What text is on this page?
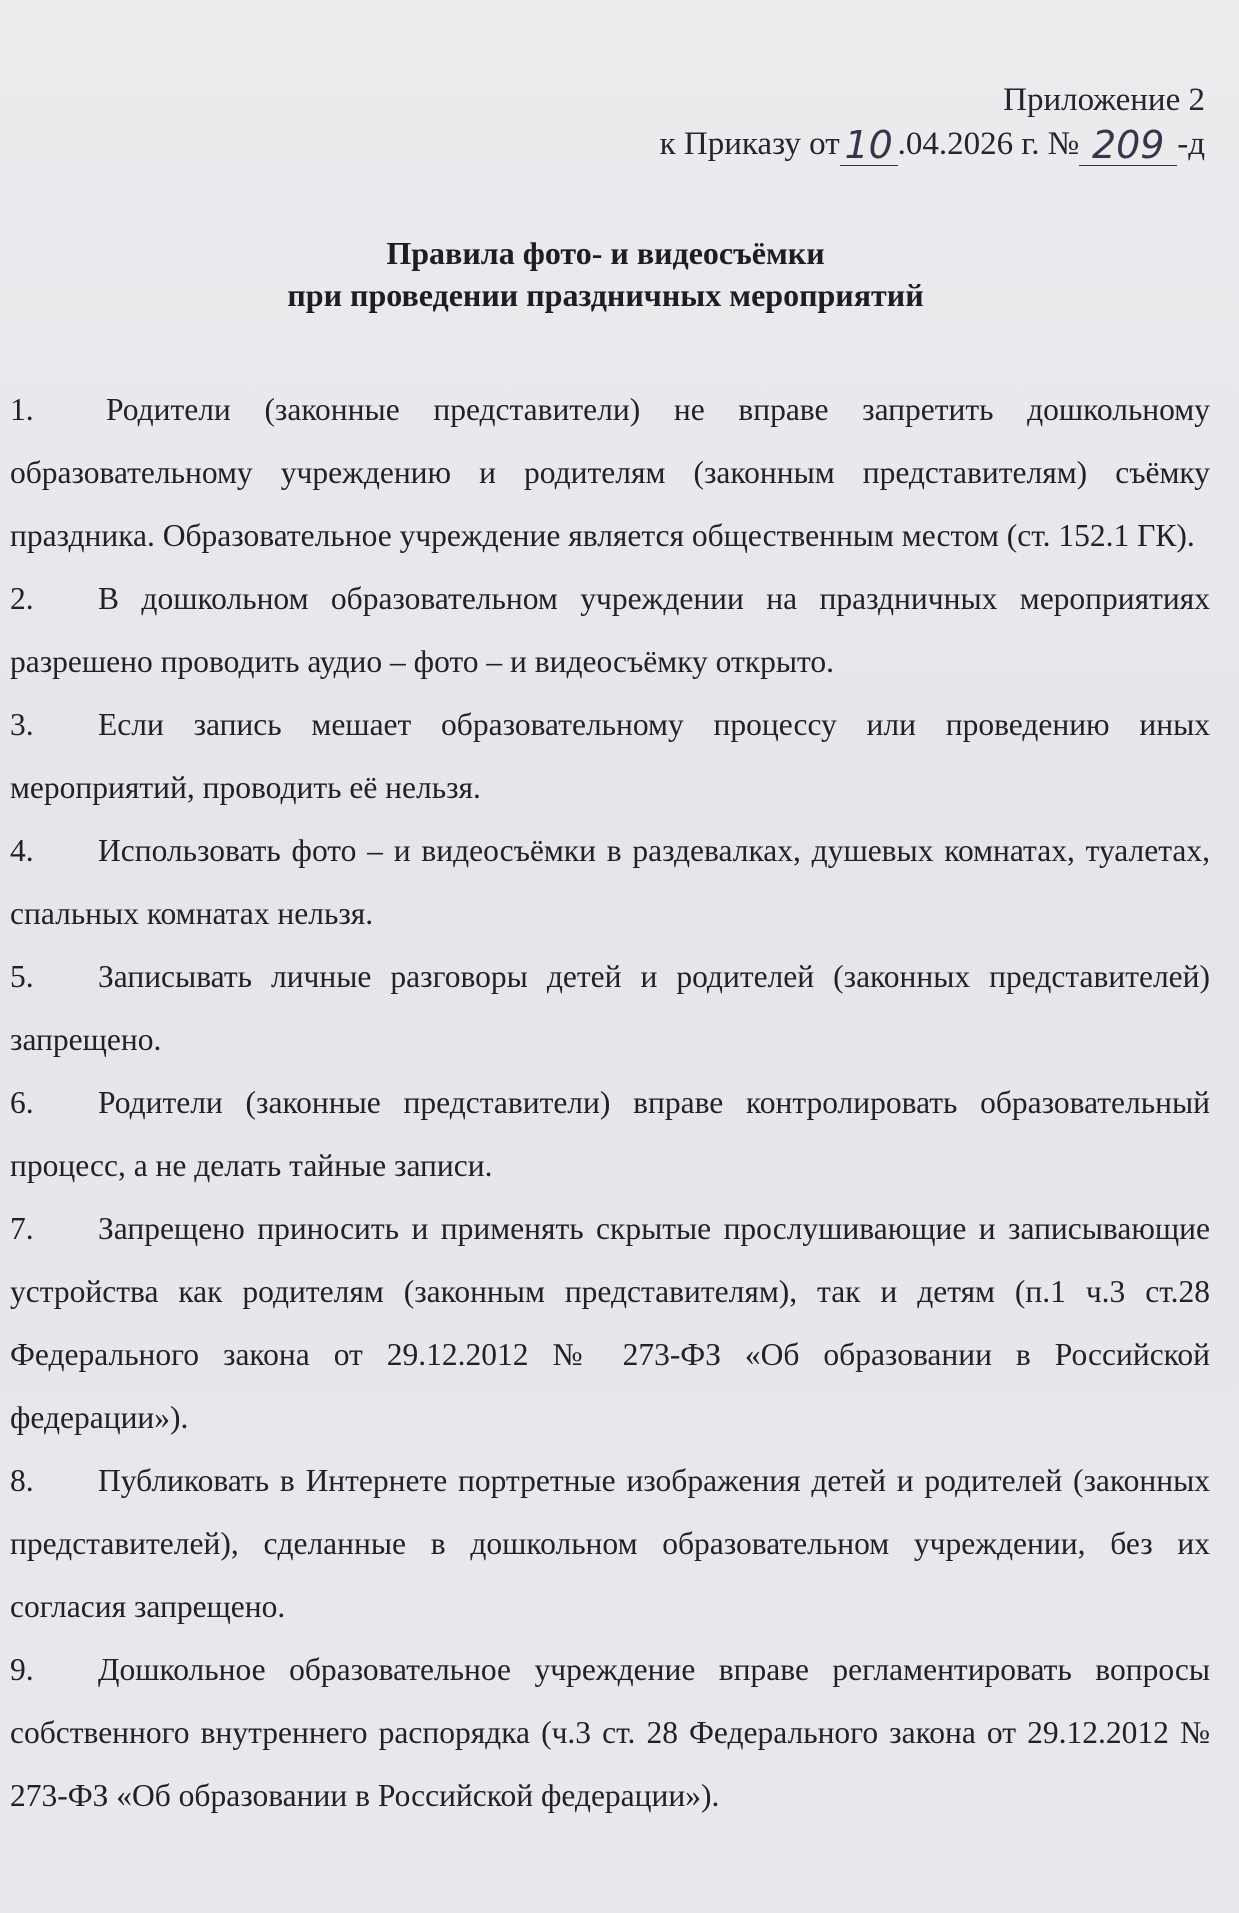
Приложение 2
к Приказу от 10 .04.2026 г. № 209 -д
Правила фото- и видеосъёмки
при проведении праздничных мероприятий
1. Родители (законные представители) не вправе запретить дошкольному образовательному учреждению и родителям (законным представителям) съёмку праздника. Образовательное учреждение является общественным местом (ст. 152.1 ГК).
2. В дошкольном образовательном учреждении на праздничных мероприятиях разрешено проводить аудио – фото – и видеосъёмку открыто.
3. Если запись мешает образовательному процессу или проведению иных мероприятий, проводить её нельзя.
4. Использовать фото – и видеосъёмки в раздевалках, душевых комнатах, туалетах, спальных комнатах нельзя.
5. Записывать личные разговоры детей и родителей (законных представителей) запрещено.
6. Родители (законные представители) вправе контролировать образовательный процесс, а не делать тайные записи.
7. Запрещено приносить и применять скрытые прослушивающие и записывающие устройства как родителям (законным представителям), так и детям (п.1 ч.3 ст.28 Федерального закона от 29.12.2012 № 273-ФЗ «Об образовании в Российской федерации»).
8. Публиковать в Интернете портретные изображения детей и родителей (законных представителей), сделанные в дошкольном образовательном учреждении, без их согласия запрещено.
9. Дошкольное образовательное учреждение вправе регламентировать вопросы собственного внутреннего распорядка (ч.3 ст. 28 Федерального закона от 29.12.2012 № 273-ФЗ «Об образовании в Российской федерации»).
